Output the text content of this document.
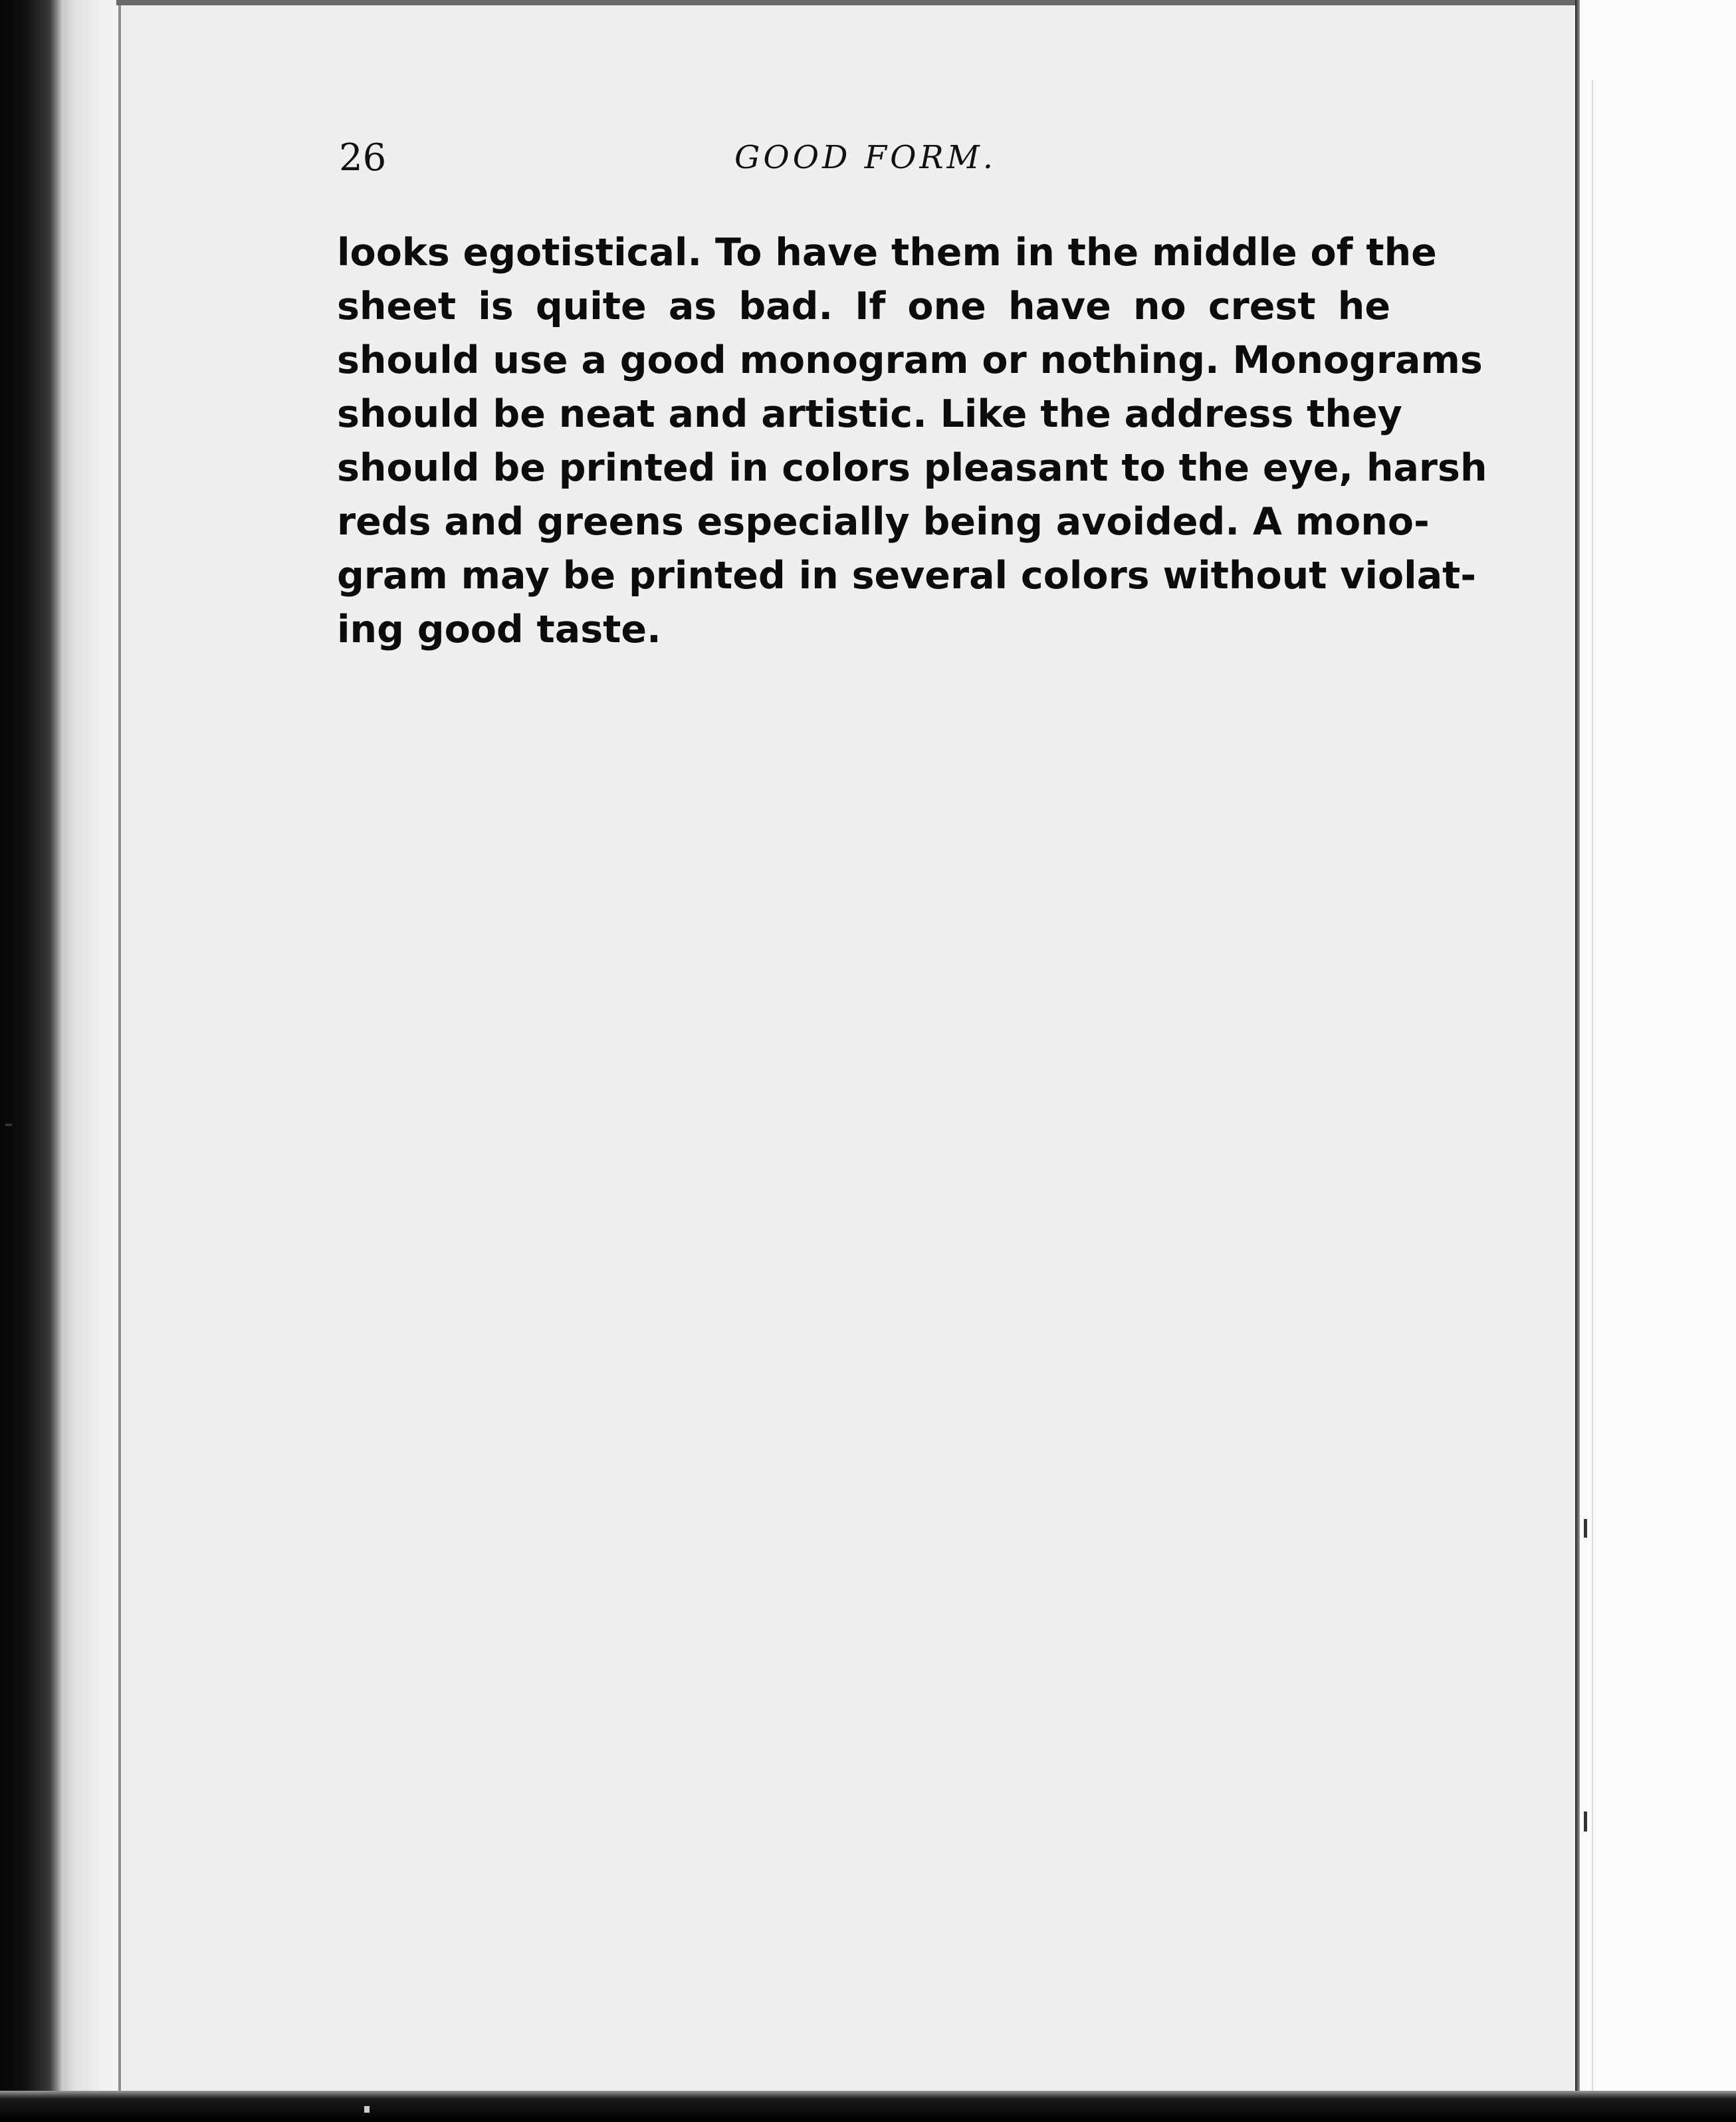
26	GOOD FORM.
looks egotistical. To have them in the middle of the
sheet is quite as bad. If one have no crest he
should use a good monogram or nothing. Monograms
should be neat and artistic. Like the address they
should be printed in colors pleasant to the eye, harsh
reds and greens especially being avoided. A mono-
gram may be printed in several colors without violat-
ing good taste.
